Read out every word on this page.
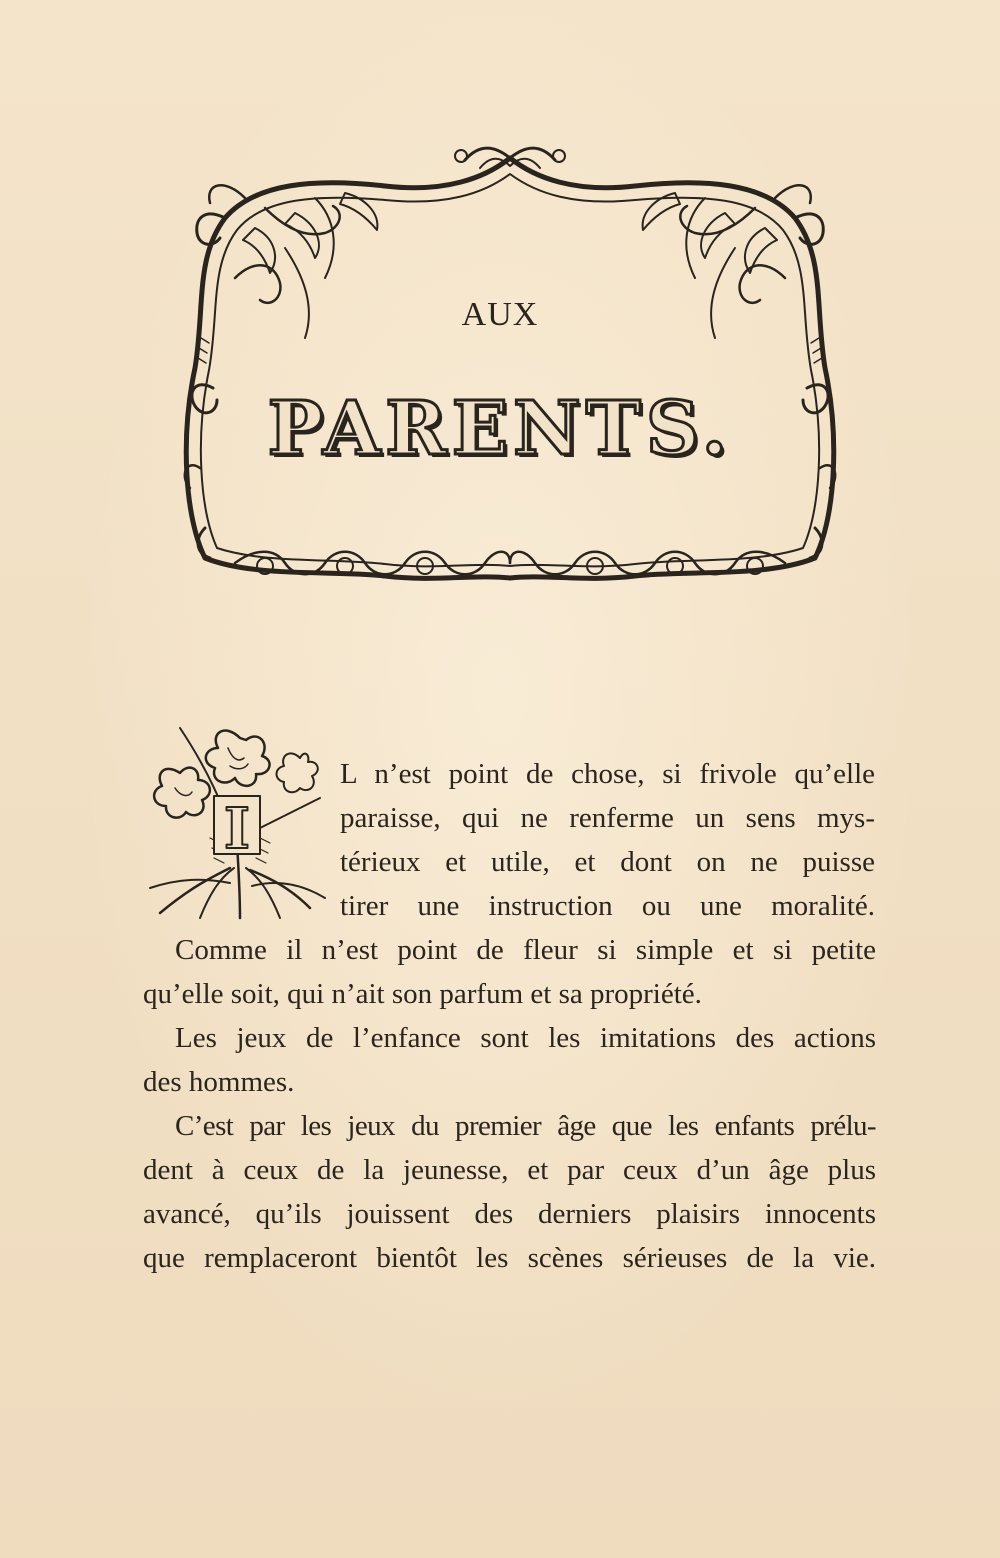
AUX
PARENTS.
I
L n’est point de chose, si frivole qu’elle
paraisse, qui ne renferme un sens mys-
térieux et utile, et dont on ne puisse
tirer une instruction ou une moralité.
Comme il n’est point de fleur si simple et si petite
qu’elle soit, qui n’ait son parfum et sa propriété.
Les jeux de l’enfance sont les imitations des actions
des hommes.
C’est par les jeux du premier âge que les enfants prélu-
dent à ceux de la jeunesse, et par ceux d’un âge plus
avancé, qu’ils jouissent des derniers plaisirs innocents
que remplaceront bientôt les scènes sérieuses de la vie.
